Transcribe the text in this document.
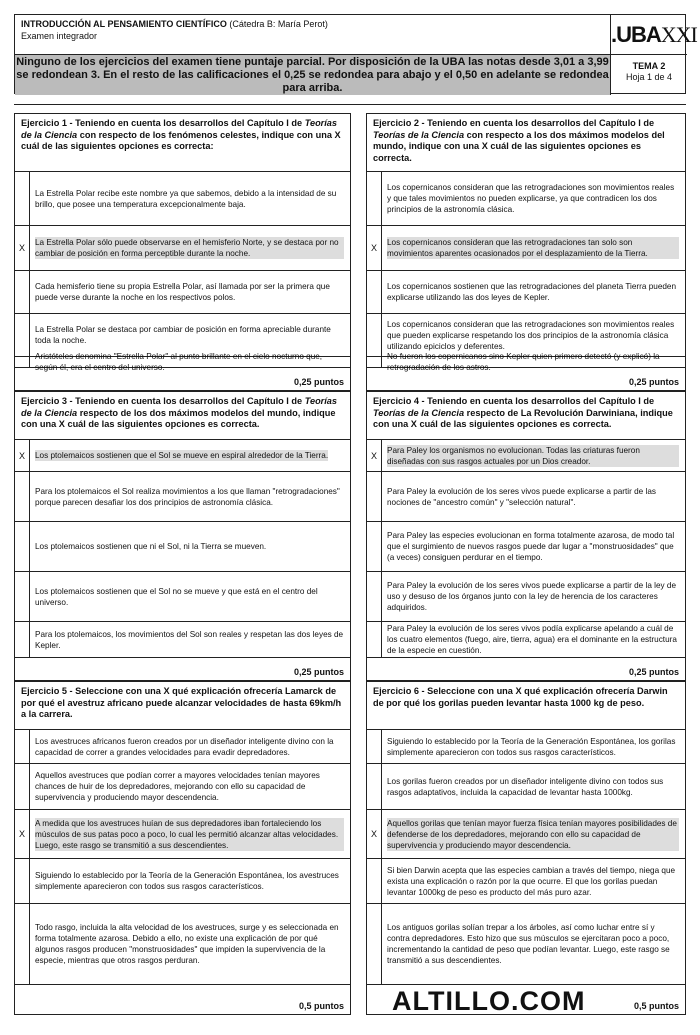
INTRODUCCIÓN AL PENSAMIENTO CIENTÍFICO (Cátedra B: María Perot)
Examen integrador	.UBAXXI
Ninguno de los ejercicios del examen tiene puntaje parcial. Por disposición de la UBA las notas desde 3,01 a 3,99 se redondean 3. En el resto de las calificaciones el 0,25 se redondea para abajo y el 0,50 en adelante se redondea para arriba.
TEMA 2
Hoja 1 de 4
Ejercicio 1 - Teniendo en cuenta los desarrollos del Capítulo I de Teorías de la Ciencia con respecto de los fenómenos celestes, indique con una X cuál de las siguientes opciones es correcta:
La Estrella Polar recibe este nombre ya que sabemos, debido a la intensidad de su brillo, que posee una temperatura excepcionalmente baja.
X
La Estrella Polar sólo puede observarse en el hemisferio Norte, y se destaca por no cambiar de posición en forma perceptible durante la noche.
Cada hemisferio tiene su propia Estrella Polar, así llamada por ser la primera que puede verse durante la noche en los respectivos polos.
La Estrella Polar se destaca por cambiar de posición en forma apreciable durante toda la noche.
Aristóteles denomina "Estrella Polar" al punto brillante en el cielo nocturno que, según él, era el centro del universo.
0,25 puntos
Ejercicio 2 - Teniendo en cuenta los desarrollos del Capítulo I de Teorías de la Ciencia con respecto a los dos máximos modelos del mundo, indique con una X cuál de las siguientes opciones es correcta.
Los copernicanos consideran que las retrogradaciones son movimientos reales y que tales movimientos no pueden explicarse, ya que contradicen los dos principios de la astronomía clásica.
X
Los copernicanos consideran que las retrogradaciones tan solo son movimientos aparentes ocasionados por el desplazamiento de la Tierra.
Los copernicanos sostienen que las retrogradaciones del planeta Tierra pueden explicarse utilizando las dos leyes de Kepler.
Los copernicanos consideran que las retrogradaciones son movimientos reales que pueden explicarse respetando los dos principios de la astronomía clásica utilizando epiciclos y deferentes.
No fueron los copernicanos sino Kepler quien primero detectó (y explicó) la retrogradación de los astros.
0,25 puntos
Ejercicio 3 - Teniendo en cuenta los desarrollos del Capítulo I de Teorías de la Ciencia respecto de los dos máximos modelos del mundo, indique con una X cuál de las siguientes opciones es correcta.
X	Los ptolemaicos sostienen que el Sol se mueve en espiral alrededor de la Tierra.
Para los ptolemaicos el Sol realiza movimientos a los que llaman "retrogradaciones" porque parecen desafiar los dos principios de astronomía clásica.
Los ptolemaicos sostienen que ni el Sol, ni la Tierra se mueven.
Los ptolemaicos sostienen que el Sol no se mueve y que está en el centro del universo.
Para los ptolemaicos, los movimientos del Sol son reales y respetan las dos leyes de Kepler.
0,25 puntos
Ejercicio 4 - Teniendo en cuenta los desarrollos del Capítulo I de Teorías de la Ciencia respecto de La Revolución Darwiniana, indique con una X cuál de las siguientes opciones es correcta.
X
Para Paley los organismos no evolucionan. Todas las criaturas fueron diseñadas con sus rasgos actuales por un Dios creador.
Para Paley la evolución de los seres vivos puede explicarse a partir de las nociones de "ancestro común" y "selección natural".
Para Paley las especies evolucionan en forma totalmente azarosa, de modo tal que el surgimiento de nuevos rasgos puede dar lugar a "monstruosidades" que (a veces) consiguen perdurar en el tiempo.
Para Paley la evolución de los seres vivos puede explicarse a partir de la ley de uso y desuso de los órganos junto con la ley de herencia de los caracteres adquiridos.
Para Paley la evolución de los seres vivos podía explicarse apelando a cuál de los cuatro elementos (fuego, aire, tierra, agua) era el dominante en la estructura de la especie en cuestión.
0,25 puntos
Ejercicio 5 - Seleccione con una X qué explicación ofrecería Lamarck de por qué el avestruz africano puede alcanzar velocidades de hasta 69km/h a la carrera.
Los avestruces africanos fueron creados por un diseñador inteligente divino con la capacidad de correr a grandes velocidades para evadir depredadores.
Aquellos avestruces que podían correr a mayores velocidades tenían mayores chances de huir de los depredadores, mejorando con ello su capacidad de supervivencia y produciendo mayor descendencia.
X
A medida que los avestruces huían de sus depredadores iban fortaleciendo los músculos de sus patas poco a poco, lo cual les permitió alcanzar altas velocidades. Luego, este rasgo se transmitió a sus descendientes.
Siguiendo lo establecido por la Teoría de la Generación Espontánea, los avestruces simplemente aparecieron con todos sus rasgos característicos.
Todo rasgo, incluida la alta velocidad de los avestruces, surge y es seleccionada en forma totalmente azarosa. Debido a ello, no existe una explicación de por qué algunos rasgos producen "monstruosidades" que impiden la supervivencia de la especie, mientras que otros rasgos perduran.
0,5 puntos
Ejercicio 6 - Seleccione con una X qué explicación ofrecería Darwin de por qué los gorilas pueden levantar hasta 1000 kg de peso.
Siguiendo lo establecido por la Teoría de la Generación Espontánea, los gorilas simplemente aparecieron con todos sus rasgos característicos.
Los gorilas fueron creados por un diseñador inteligente divino con todos sus rasgos adaptativos, incluida la capacidad de levantar hasta 1000kg.
X
Aquellos gorilas que tenían mayor fuerza física tenían mayores posibilidades de defenderse de los depredadores, mejorando con ello su capacidad de supervivencia y produciendo mayor descendencia.
Si bien Darwin acepta que las especies cambian a través del tiempo, niega que exista una explicación o razón por la que ocurre. El que los gorilas puedan levantar 1000kg de peso es producto del más puro azar.
Los antiguos gorilas solían trepar a los árboles, así como luchar entre sí y contra depredadores. Esto hizo que sus músculos se ejercitaran poco a poco, incrementando la cantidad de peso que podían levantar. Luego, este rasgo se transmitió a sus descendientes.
0,5 puntos
ALTILLO.COM
